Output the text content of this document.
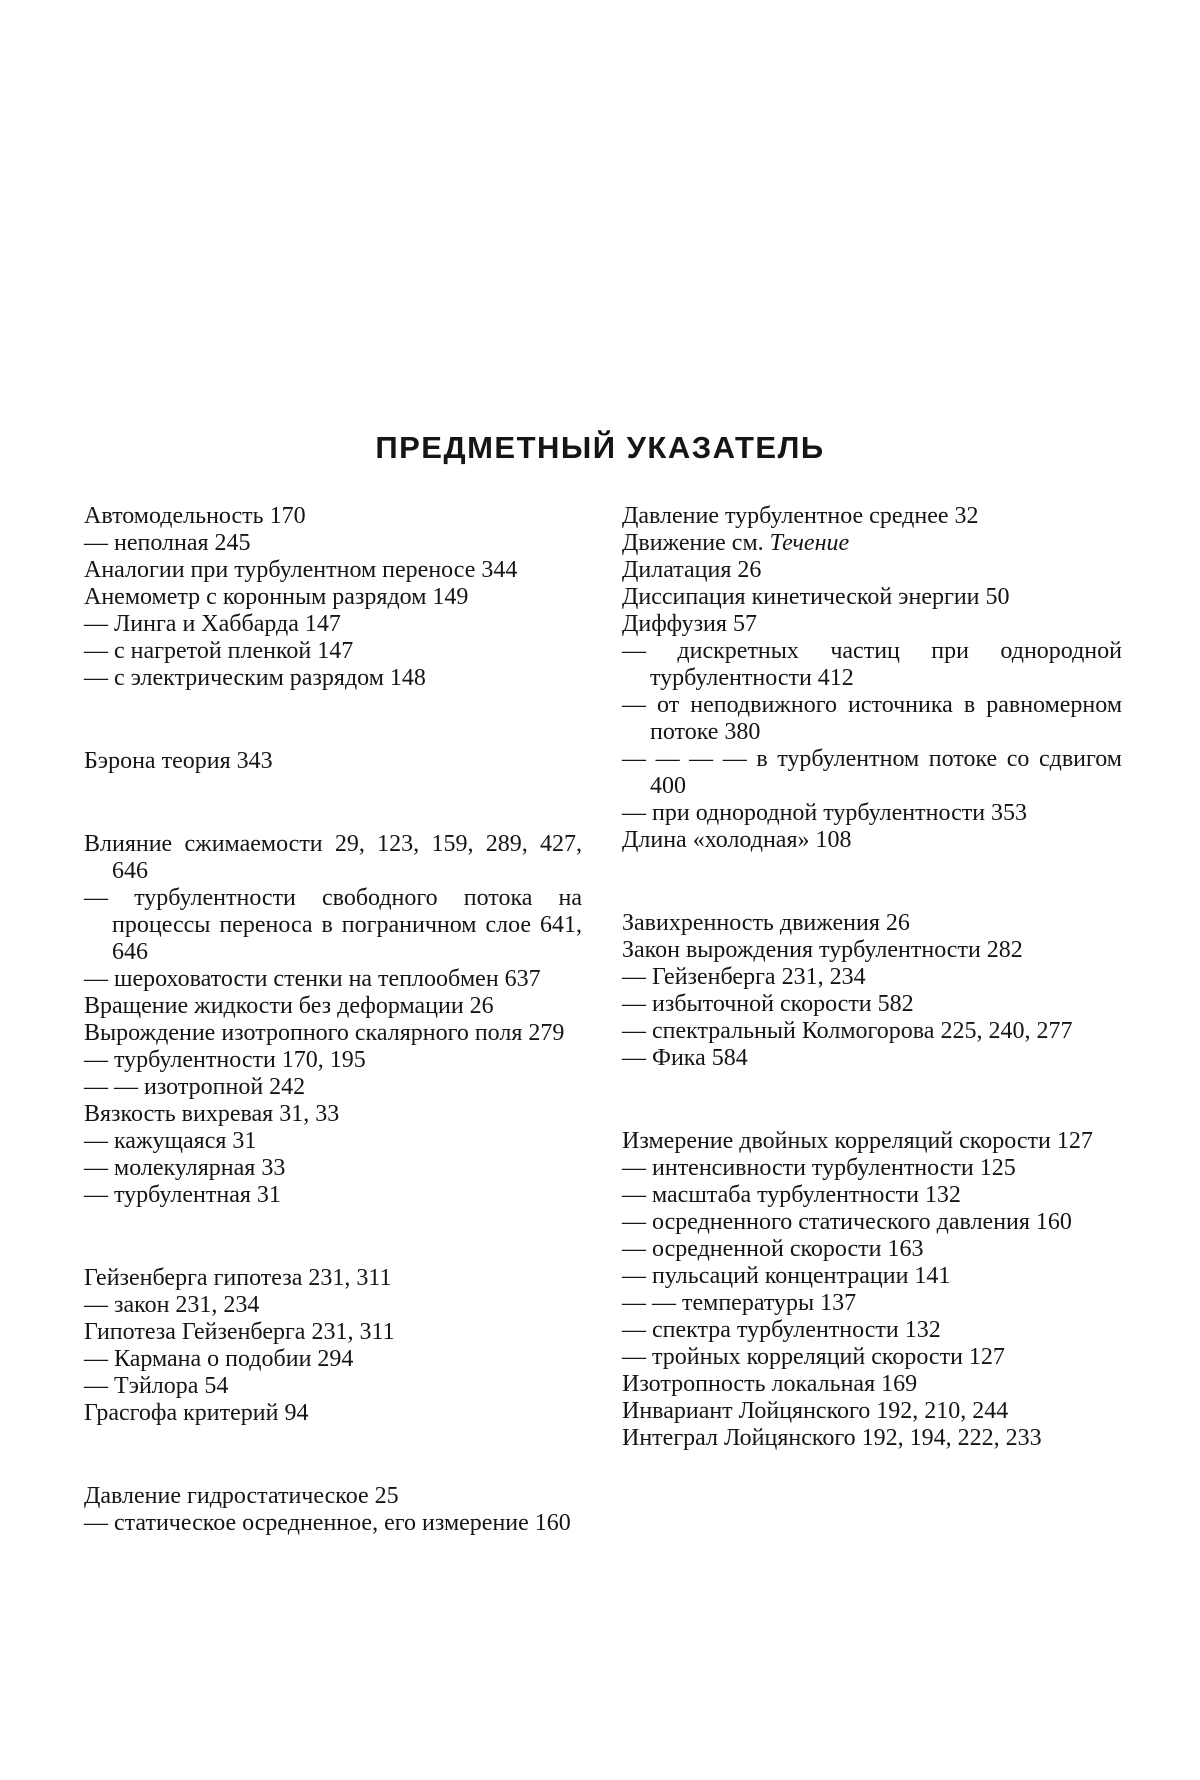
ПРЕДМЕТНЫЙ УКАЗАТЕЛЬ

Автомодельность 170

— неполная 245

Аналогии при турбулентном переносе 344

Анемометр с коронным разрядом 149

— Линга и Хаббарда 147

— с нагретой пленкой 147

— с электрическим разрядом 148

Бэрона теория 343

Влияние сжимаемости 29, 123, 159, 289, 427, 646

— турбулентности свободного потока на процессы переноса в пограничном слое 641, 646

— шероховатости стенки на теплообмен 637

Вращение жидкости без деформации 26

Вырождение изотропного скалярного поля 279

— турбулентности 170, 195

— — изотропной 242

Вязкость вихревая 31, 33

— кажущаяся 31

— молекулярная 33

— турбулентная 31

Гейзенберга гипотеза 231, 311

— закон 231, 234

Гипотеза Гейзенберга 231, 311

— Кармана о подобии 294

— Тэйлора 54

Грасгофа критерий 94

Давление гидростатическое 25

— статическое осредненное, его измерение 160

Давление турбулентное среднее 32

Движение см. Течение

Дилатация 26

Диссипация кинетической энергии 50

Диффузия 57

— дискретных частиц при однородной турбулентности 412

— от неподвижного источника в равномерном потоке 380

— — — — в турбулентном потоке со сдвигом 400

— при однородной турбулентности 353

Длина «холодная» 108

Завихренность движения 26

Закон вырождения турбулентности 282

— Гейзенберга 231, 234

— избыточной скорости 582

— спектральный Колмогорова 225, 240, 277

— Фика 584

Измерение двойных корреляций скорости 127

— интенсивности турбулентности 125

— масштаба турбулентности 132

— осредненного статического давления 160

— осредненной скорости 163

— пульсаций концентрации 141

— — температуры 137

— спектра турбулентности 132

— тройных корреляций скорости 127

Изотропность локальная 169

Инвариант Лойцянского 192, 210, 244

Интеграл Лойцянского 192, 194, 222, 233
